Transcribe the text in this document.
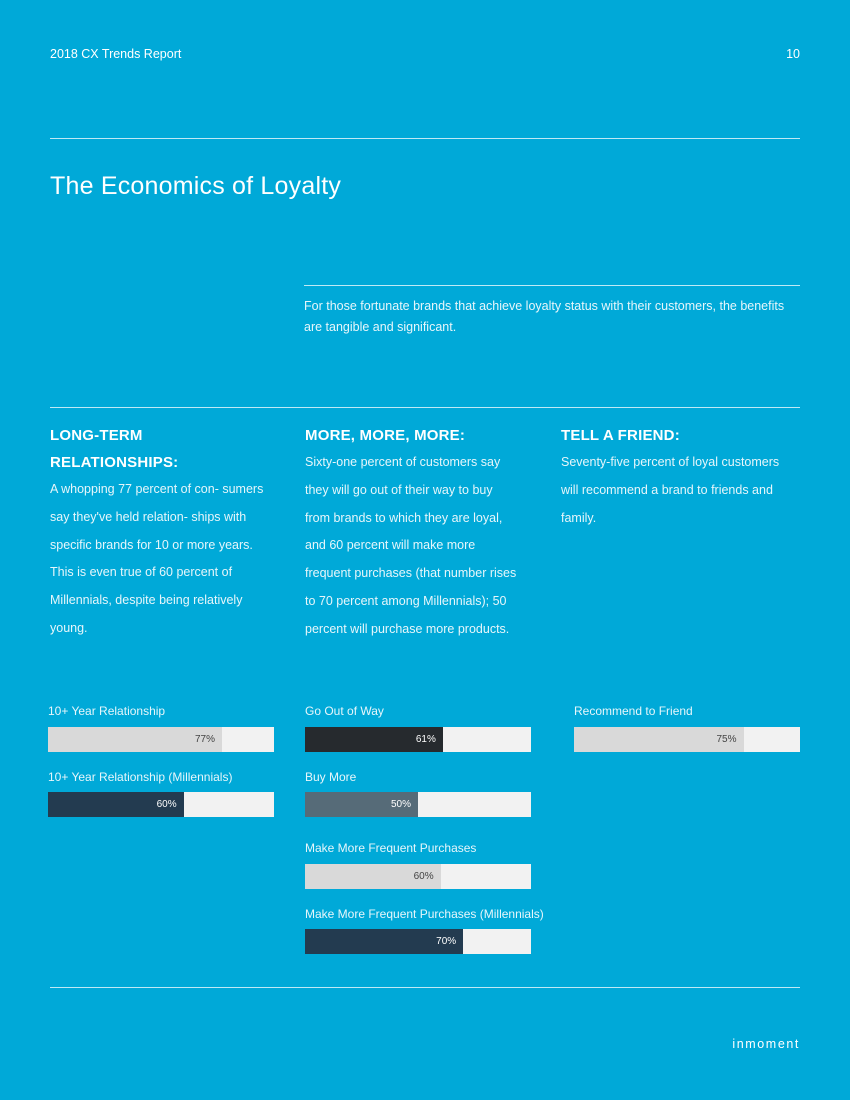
2018 CX Trends Report	10
The Economics of Loyalty
For those fortunate brands that achieve loyalty status with their customers, the benefits are tangible and significant.
LONG-TERM RELATIONSHIPS:

A whopping 77 percent of con- sumers say they've held relation- ships with specific brands for 10 or more years. This is even true of 60 percent of Millennials, despite being relatively young.

MORE, MORE, MORE:

Sixty-one percent of customers say they will go out of their way to buy from brands to which they are loyal, and 60 percent will make more frequent purchases (that number rises to 70 percent among Millennials); 50 percent will purchase more products.

TELL A FRIEND:

Seventy-five percent of loyal customers will recommend a brand to friends and family.

10+ Year Relationship
77%
10+ Year Relationship (Millennials)
60%
Go Out of Way
61%
Buy More
50%
Make More Frequent Purchases
60%
Make More Frequent Purchases (Millennials)
70%
Recommend to Friend
75%
inmoment
